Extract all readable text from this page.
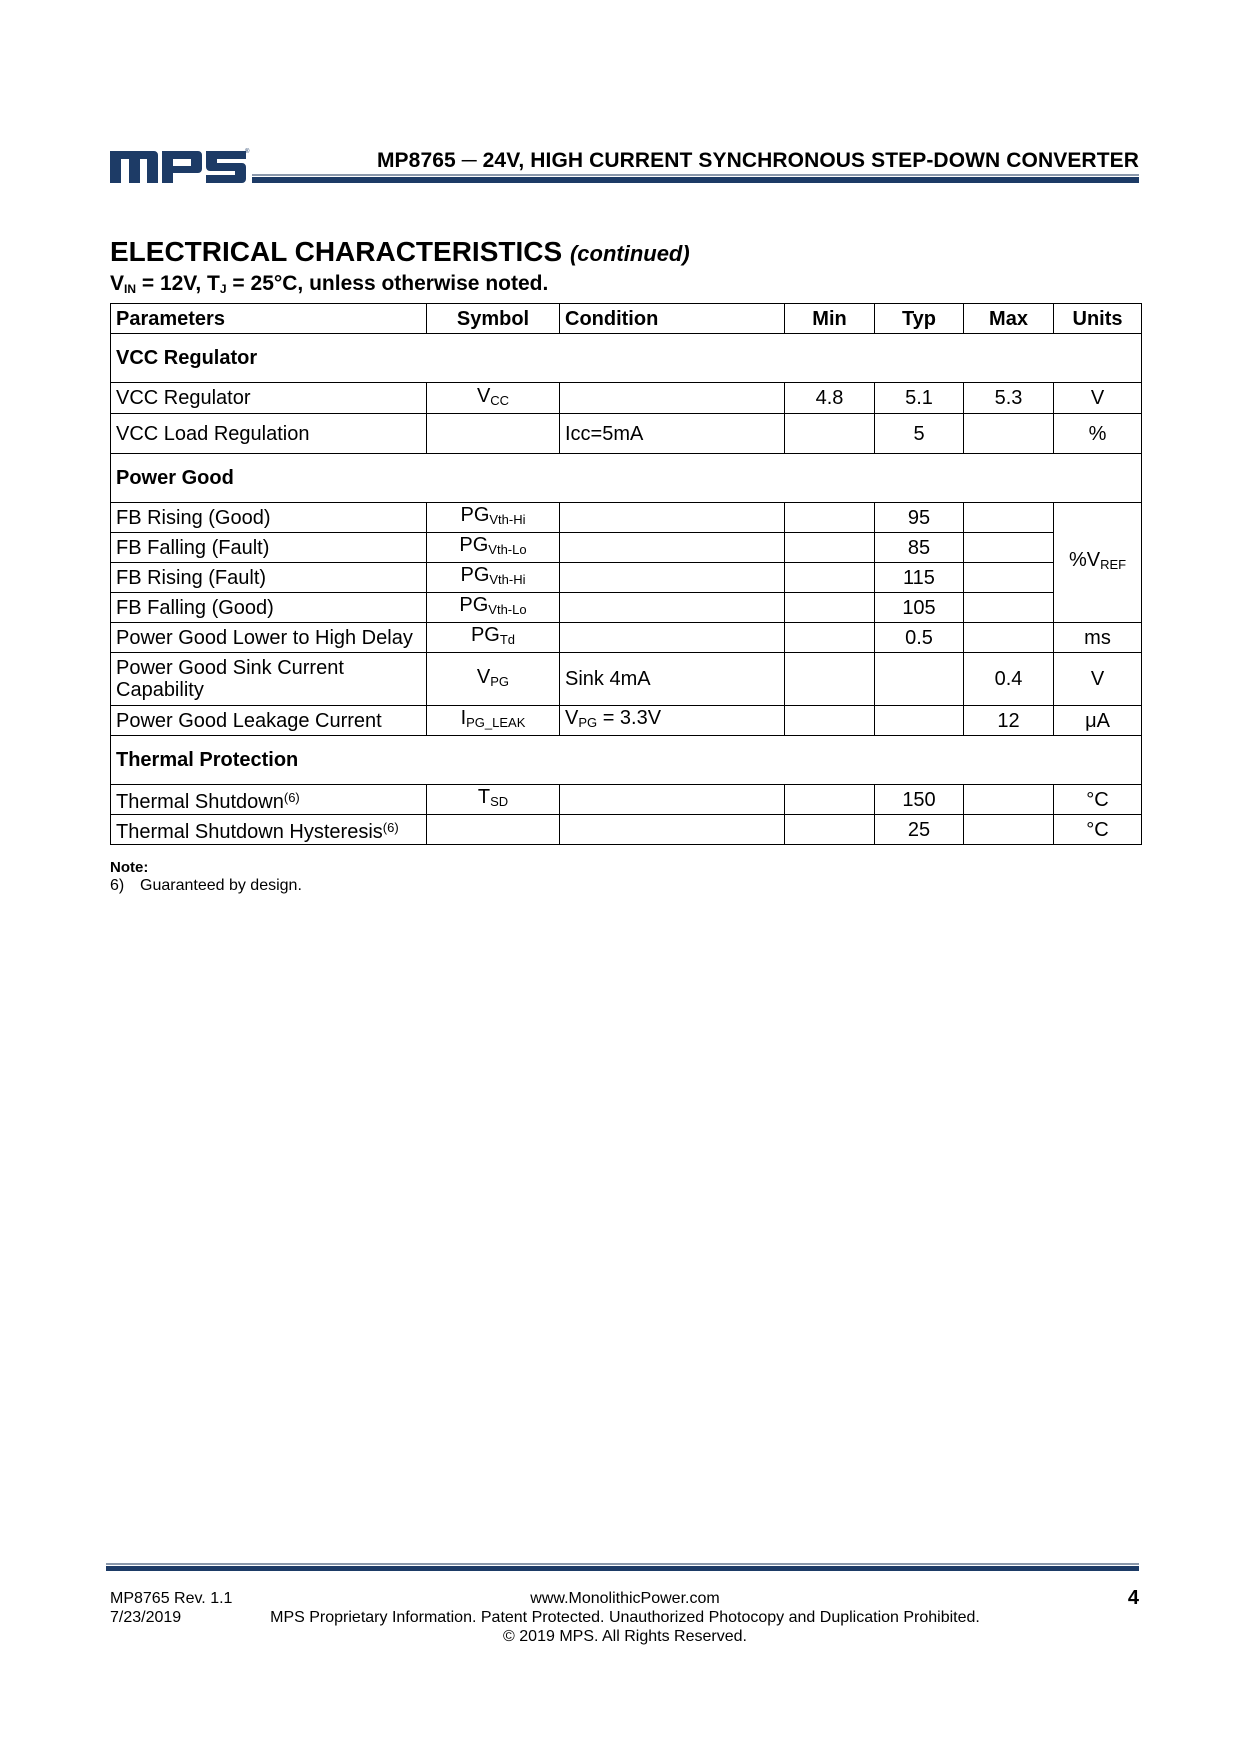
®	MP8765 ─ 24V, HIGH CURRENT SYNCHRONOUS STEP-DOWN CONVERTER
ELECTRICAL CHARACTERISTICS (continued)
$V_{IN} = 12V$, $T_J = 25^\circ C$, unless otherwise noted.
Parameters	Symbol	Condition	Min	Typ	Max	Units
VCC Regulator						
VCC Regulator	$V_{CC}$		4.8	5.1	5.3	V
VCC Load Regulation		Icc=5mA		5		%
Power Good						
FB Rising (Good)	$PG_{Vth-Hi}$			95		$\%V_{REF}$
FB Falling (Fault)	$PG_{Vth-Lo}$			85		
FB Rising (Fault)	$PG_{Vth-Hi}$			115		
FB Falling (Good)	$PG_{Vth-Lo}$			105		
Power Good Lower to High Delay	$PG_{Td}$			0.5		ms
Power Good Sink Current
Capability	$V_{PG}$	Sink 4mA			0.4	V
Power Good Leakage Current	$I_{PG\_LEAK}$	$V_{PG} = 3.3V$			12	μA
Thermal Protection						
Thermal Shutdown$^{(6)}$	$T_{SD}$			150		°C
Thermal Shutdown Hysteresis$^{(6)}$				25		°C
Note:
6) Guaranteed by design.
MP8765 Rev. 1.1
7/23/2019
www.MonolithicPower.com
MPS Proprietary Information. Patent Protected. Unauthorized Photocopy and Duplication Prohibited.
© 2019 MPS. All Rights Reserved.
4
